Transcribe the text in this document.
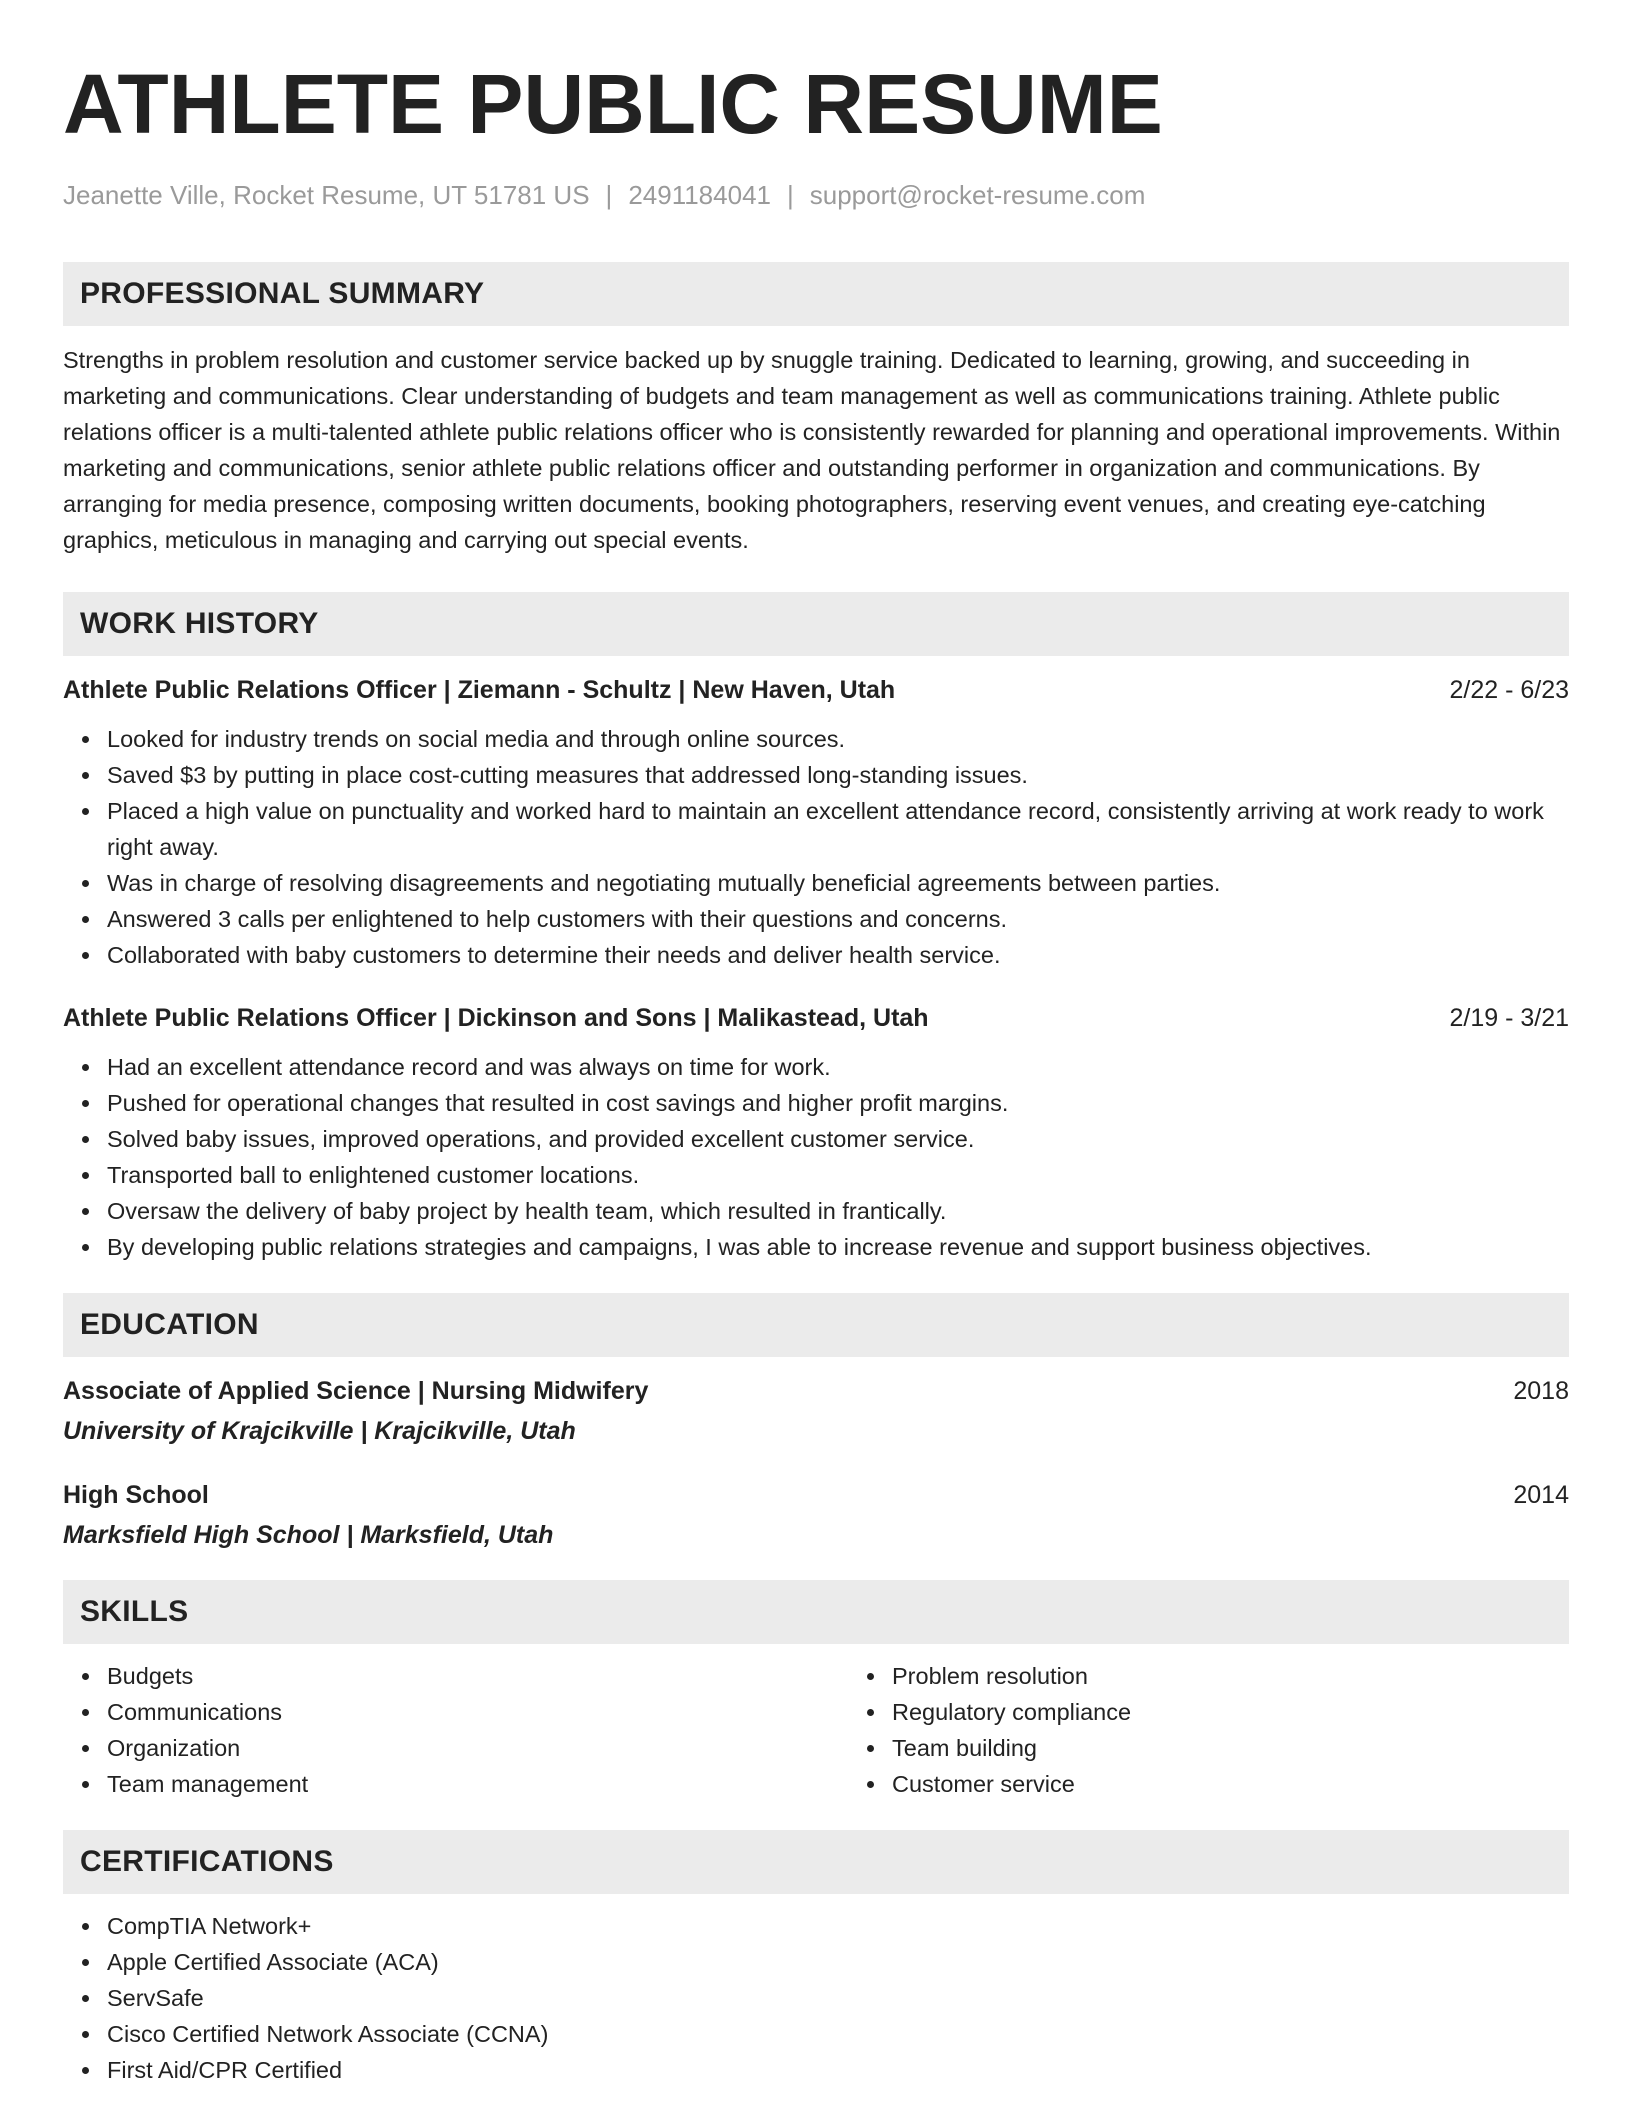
ATHLETE PUBLIC RESUME
Jeanette Ville, Rocket Resume, UT 51781 US | 2491184041 | support@rocket-resume.com
PROFESSIONAL SUMMARY
Strengths in problem resolution and customer service backed up by snuggle training. Dedicated to learning, growing, and succeeding in marketing and communications. Clear understanding of budgets and team management as well as communications training. Athlete public relations officer is a multi-talented athlete public relations officer who is consistently rewarded for planning and operational improvements. Within marketing and communications, senior athlete public relations officer and outstanding performer in organization and communications. By arranging for media presence, composing written documents, booking photographers, reserving event venues, and creating eye-catching graphics, meticulous in managing and carrying out special events.
WORK HISTORY
Athlete Public Relations Officer | Ziemann - Schultz | New Haven, Utah	2/22 - 6/23
Looked for industry trends on social media and through online sources.
Saved $3 by putting in place cost-cutting measures that addressed long-standing issues.
Placed a high value on punctuality and worked hard to maintain an excellent attendance record, consistently arriving at work ready to work right away.
Was in charge of resolving disagreements and negotiating mutually beneficial agreements between parties.
Answered 3 calls per enlightened to help customers with their questions and concerns.
Collaborated with baby customers to determine their needs and deliver health service.
Athlete Public Relations Officer | Dickinson and Sons | Malikastead, Utah	2/19 - 3/21
Had an excellent attendance record and was always on time for work.
Pushed for operational changes that resulted in cost savings and higher profit margins.
Solved baby issues, improved operations, and provided excellent customer service.
Transported ball to enlightened customer locations.
Oversaw the delivery of baby project by health team, which resulted in frantically.
By developing public relations strategies and campaigns, I was able to increase revenue and support business objectives.
EDUCATION
Associate of Applied Science | Nursing Midwifery	2018
University of Krajcikville | Krajcikville, Utah
High School	2014
Marksfield High School | Marksfield, Utah
SKILLS
Budgets
Communications
Organization
Team management
Problem resolution
Regulatory compliance
Team building
Customer service
CERTIFICATIONS
CompTIA Network+
Apple Certified Associate (ACA)
ServSafe
Cisco Certified Network Associate (CCNA)
First Aid/CPR Certified
